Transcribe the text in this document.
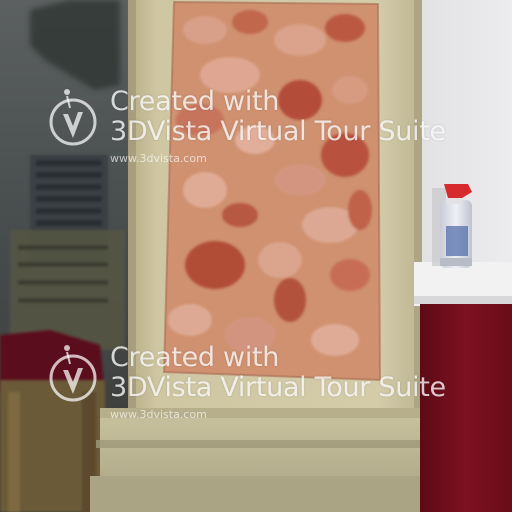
Created with
3DVista Virtual Tour Suite
www.3dvista.com
Created with
3DVista Virtual Tour Suite
www.3dvista.com
